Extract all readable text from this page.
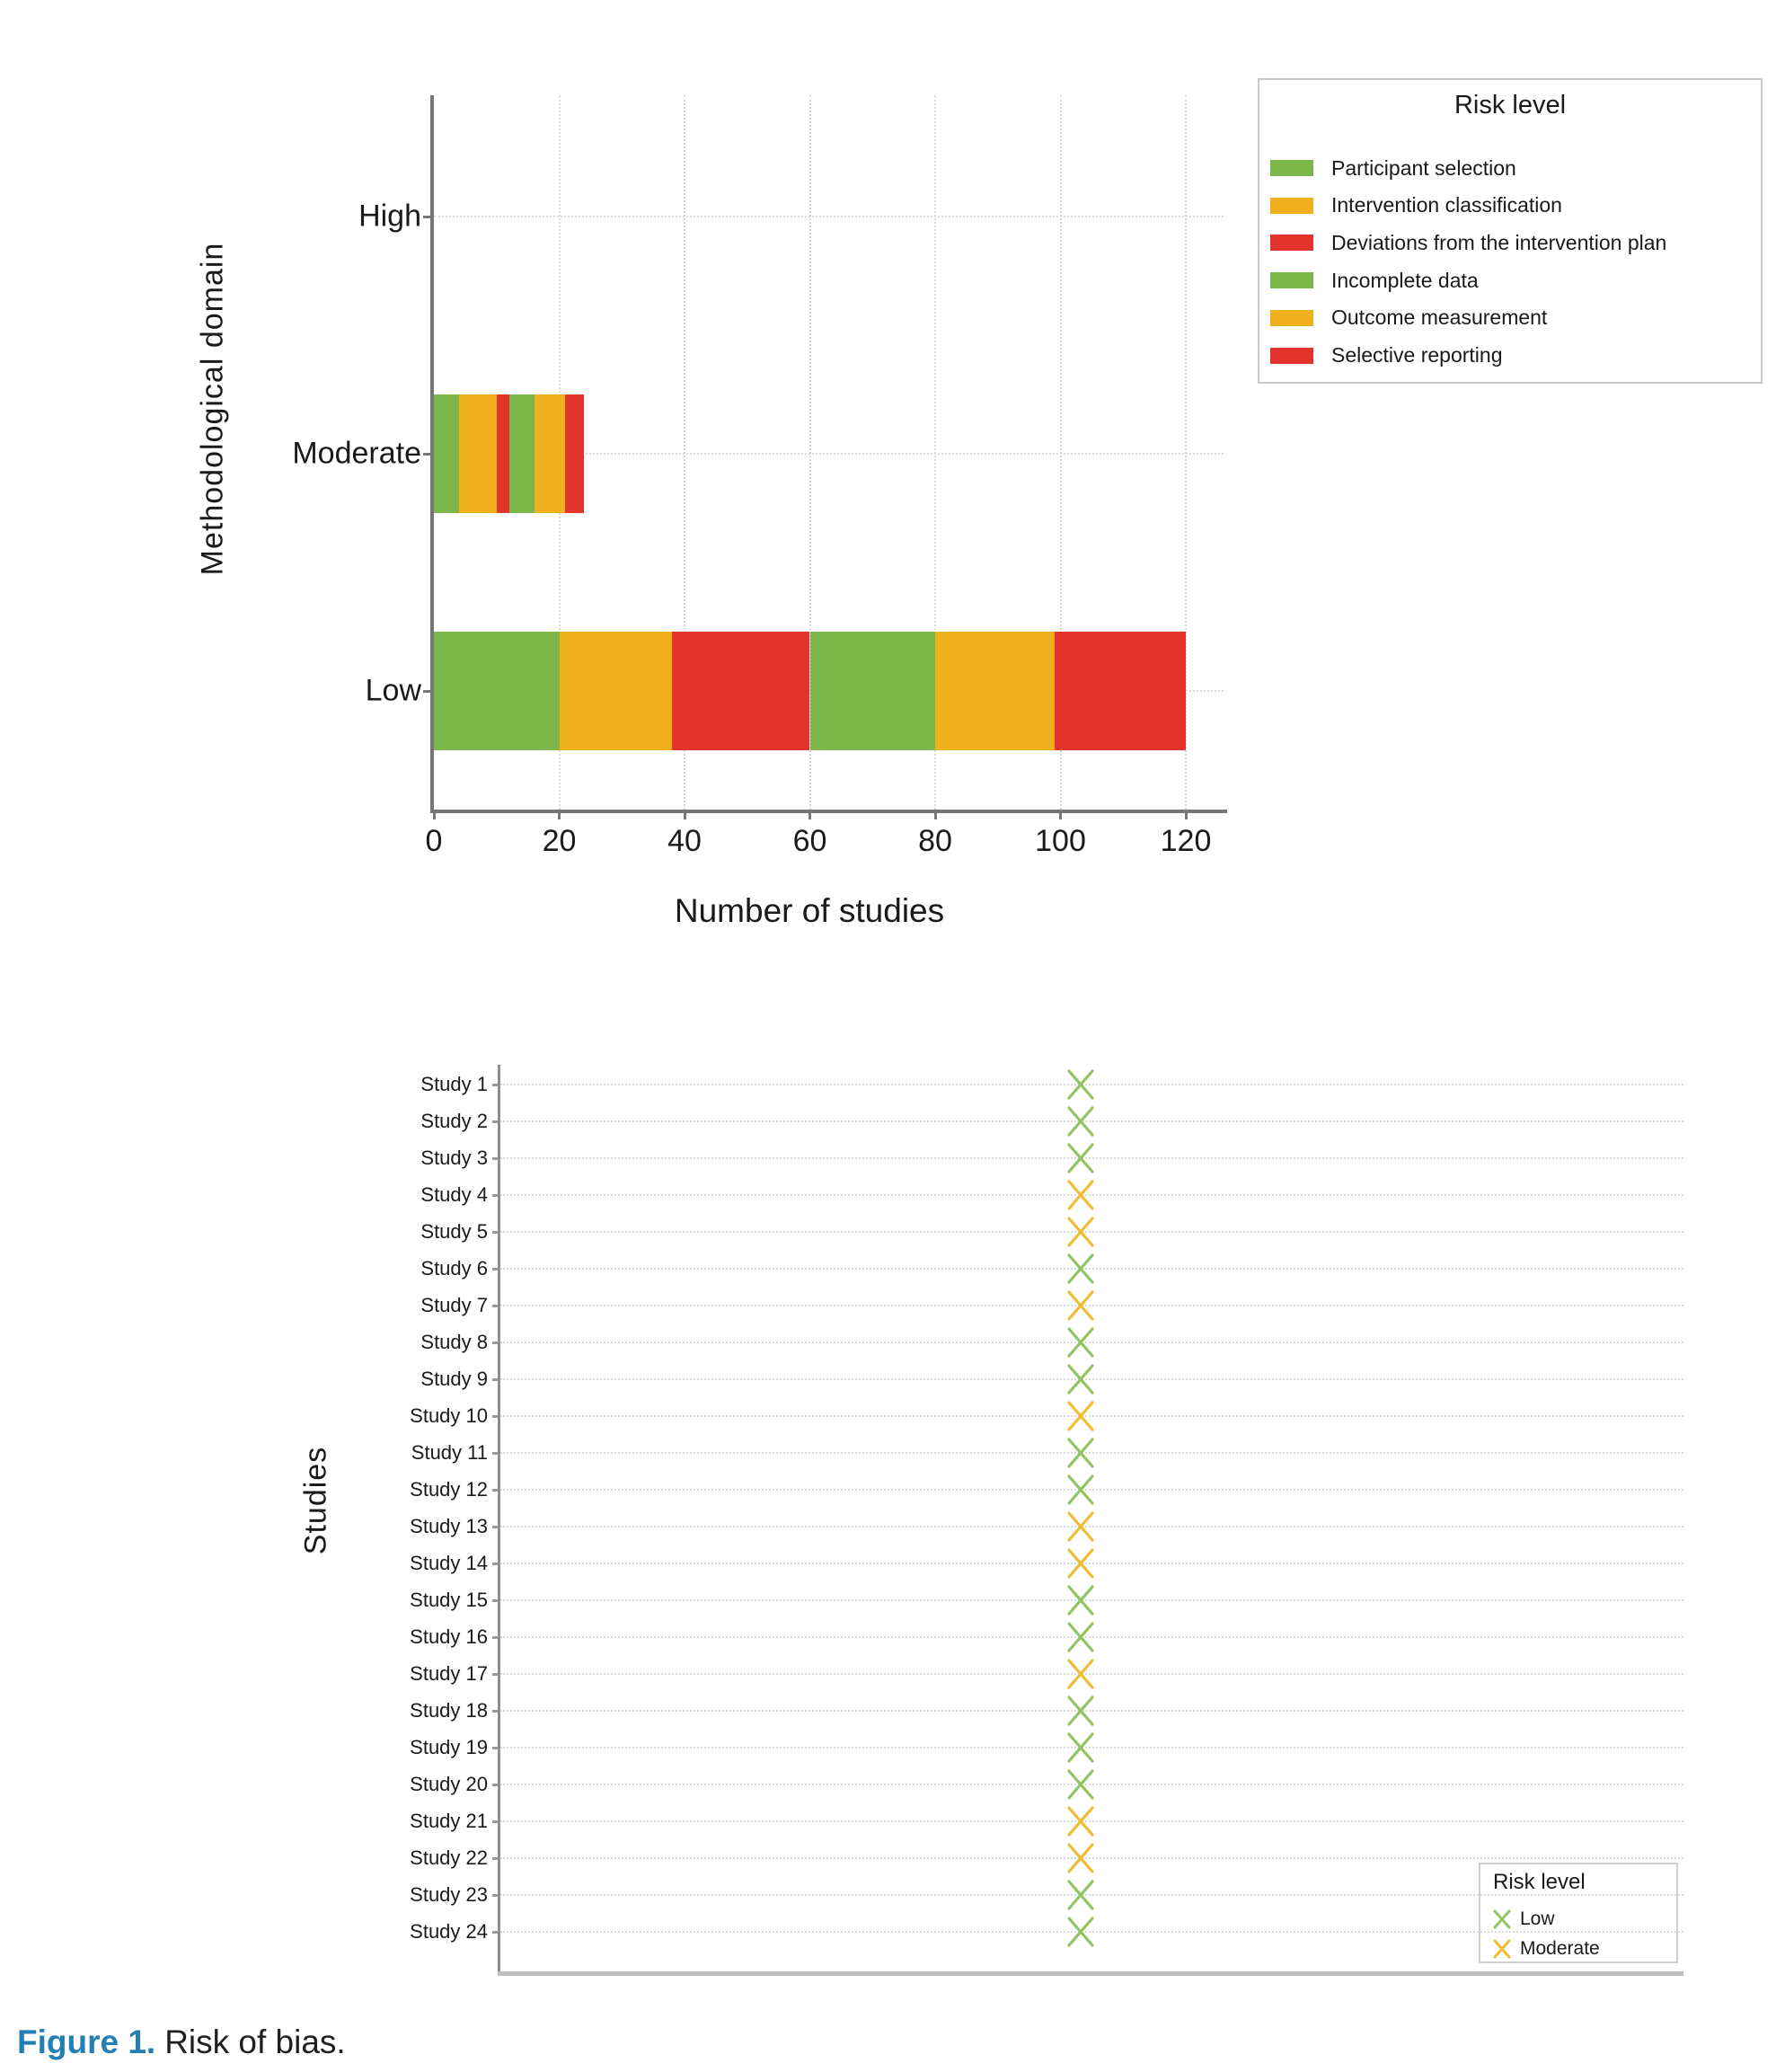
Methodological domain
Number of studies
Risk level
Participant selection
Intervention classification
Deviations from the intervention plan
Incomplete data
Outcome measurement
Selective reporting
Studies
Risk level
Low
Moderate
Figure 1. Risk of bias.
0	20	40	60	80	100 120
High
Moderate
Low
Study 1
Study 2
Study 3
Study 4
Study 5
Study 6
Study 7
Study 8
Study 9
Study 10
Study 11
Study 12
Study 13
Study 14
Study 15
Study 16
Study 17
Study 18
Study 19
Study 20
Study 21
Study 22
Study 23
Study 24
